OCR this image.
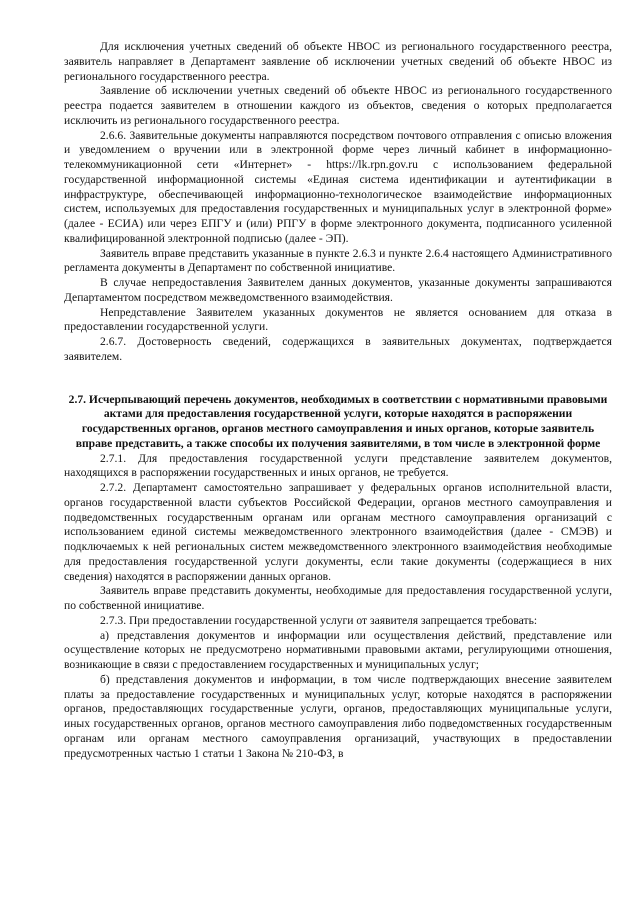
Для исключения учетных сведений об объекте НВОС из регионального государственного реестра, заявитель направляет в Департамент заявление об исключении учетных сведений об объекте НВОС из регионального государственного реестра.

Заявление об исключении учетных сведений об объекте НВОС из регионального государственного реестра подается заявителем в отношении каждого из объектов, сведения о которых предполагается исключить из регионального государственного реестра.

2.6.6. Заявительные документы направляются посредством почтового отправления с описью вложения и уведомлением о вручении или в электронной форме через личный кабинет в информационно-телекоммуникационной сети «Интернет» - https://lk.rpn.gov.ru с использованием федеральной государственной информационной системы «Единая система идентификации и аутентификации в инфраструктуре, обеспечивающей информационно-технологическое взаимодействие информационных систем, используемых для предоставления государственных и муниципальных услуг в электронной форме» (далее - ЕСИА) или через ЕПГУ и (или) РПГУ в форме электронного документа, подписанного усиленной квалифицированной электронной подписью (далее - ЭП).

Заявитель вправе представить указанные в пункте 2.6.3 и пункте 2.6.4 настоящего Административного регламента документы в Департамент по собственной инициативе.

В случае непредоставления Заявителем данных документов, указанные документы запрашиваются Департаментом посредством межведомственного взаимодействия.

Непредставление Заявителем указанных документов не является основанием для отказа в предоставлении государственной услуги.

2.6.7. Достоверность сведений, содержащихся в заявительных документах, подтверждается заявителем.

2.7. Исчерпывающий перечень документов, необходимых в соответствии с нормативными правовыми актами для предоставления государственной услуги, которые находятся в распоряжении государственных органов, органов местного самоуправления и иных органов, которые заявитель вправе представить, а также способы их получения заявителями, в том числе в электронной форме

2.7.1. Для предоставления государственной услуги представление заявителем документов, находящихся в распоряжении государственных и иных органов, не требуется.

2.7.2. Департамент самостоятельно запрашивает у федеральных органов исполнительной власти, органов государственной власти субъектов Российской Федерации, органов местного самоуправления и подведомственных государственным органам или органам местного самоуправления организаций с использованием единой системы межведомственного электронного взаимодействия (далее - СМЭВ) и подключаемых к ней региональных систем межведомственного электронного взаимодействия необходимые для предоставления государственной услуги документы, если такие документы (содержащиеся в них сведения) находятся в распоряжении данных органов.

Заявитель вправе представить документы, необходимые для предоставления государственной услуги, по собственной инициативе.

2.7.3. При предоставлении государственной услуги от заявителя запрещается требовать:

а) представления документов и информации или осуществления действий, представление или осуществление которых не предусмотрено нормативными правовыми актами, регулирующими отношения, возникающие в связи с предоставлением государственных и муниципальных услуг;

б) представления документов и информации, в том числе подтверждающих внесение заявителем платы за предоставление государственных и муниципальных услуг, которые находятся в распоряжении органов, предоставляющих государственные услуги, органов, предоставляющих муниципальные услуги, иных государственных органов, органов местного самоуправления либо подведомственных государственным органам или органам местного самоуправления организаций, участвующих в предоставлении предусмотренных частью 1 статьи 1 Закона № 210-ФЗ, в
